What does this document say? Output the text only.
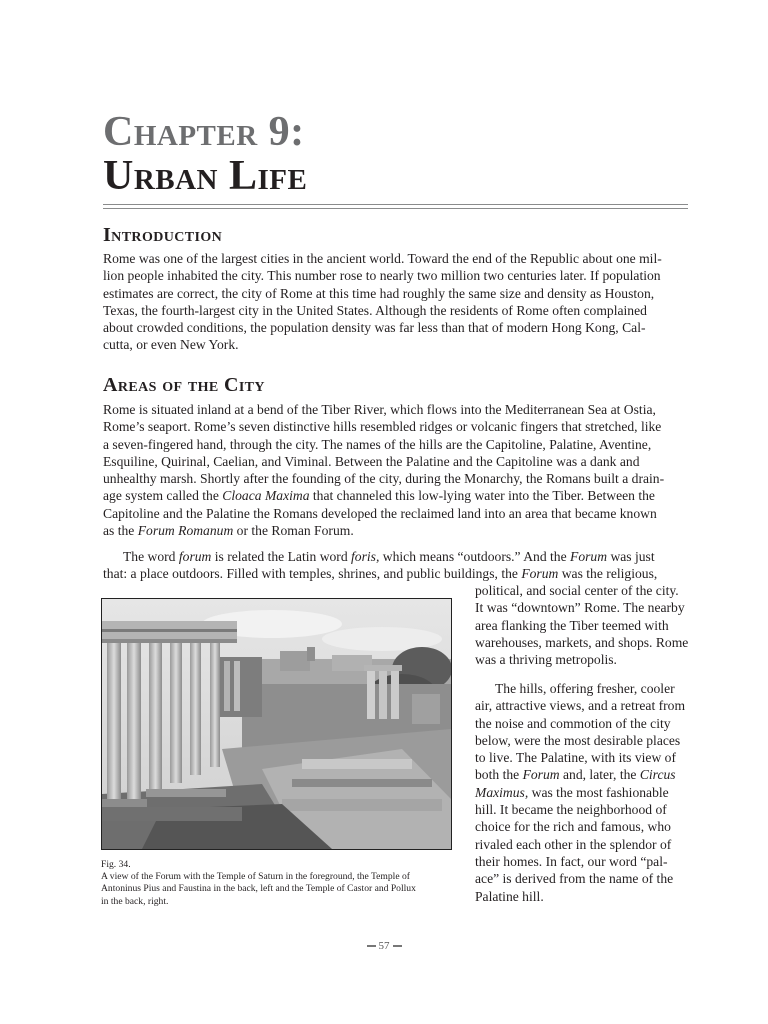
Chapter 9:
Urban Life
Introduction
Rome was one of the largest cities in the ancient world. Toward the end of the Republic about one mil-
lion people inhabited the city. This number rose to nearly two million two centuries later. If population
estimates are correct, the city of Rome at this time had roughly the same size and density as Houston,
Texas, the fourth-largest city in the United States. Although the residents of Rome often complained
about crowded conditions, the population density was far less than that of modern Hong Kong, Cal-
cutta, or even New York.
Areas of the City
Rome is situated inland at a bend of the Tiber River, which flows into the Mediterranean Sea at Ostia,
Rome’s seaport. Rome’s seven distinctive hills resembled ridges or volcanic fingers that stretched, like
a seven-fingered hand, through the city. The names of the hills are the Capitoline, Palatine, Aventine,
Esquiline, Quirinal, Caelian, and Viminal. Between the Palatine and the Capitoline was a dank and
unhealthy marsh. Shortly after the founding of the city, during the Monarchy, the Romans built a drain-
age system called the Cloaca Maxima that channeled this low-lying water into the Tiber. Between the
Capitoline and the Palatine the Romans developed the reclaimed land into an area that became known
as the Forum Romanum or the Roman Forum.
The word forum is related the Latin word foris, which means “outdoors.” And the Forum was just
that: a place outdoors. Filled with temples, shrines, and public buildings, the Forum was the religious,
political, and social center of the city.
It was “downtown” Rome. The nearby
area flanking the Tiber teemed with
warehouses, markets, and shops. Rome
was a thriving metropolis.
The hills, offering fresher, cooler
air, attractive views, and a retreat from
the noise and commotion of the city
below, were the most desirable places
to live. The Palatine, with its view of
both the Forum and, later, the Circus
Maximus, was the most fashionable
hill. It became the neighborhood of
choice for the rich and famous, who
rivaled each other in the splendor of
their homes. In fact, our word “pal-
ace” is derived from the name of the
Palatine hill.
Fig. 34.
A view of the Forum with the Temple of Saturn in the foreground, the Temple of
Antoninus Pius and Faustina in the back, left and the Temple of Castor and Pollux
in the back, right.
57
